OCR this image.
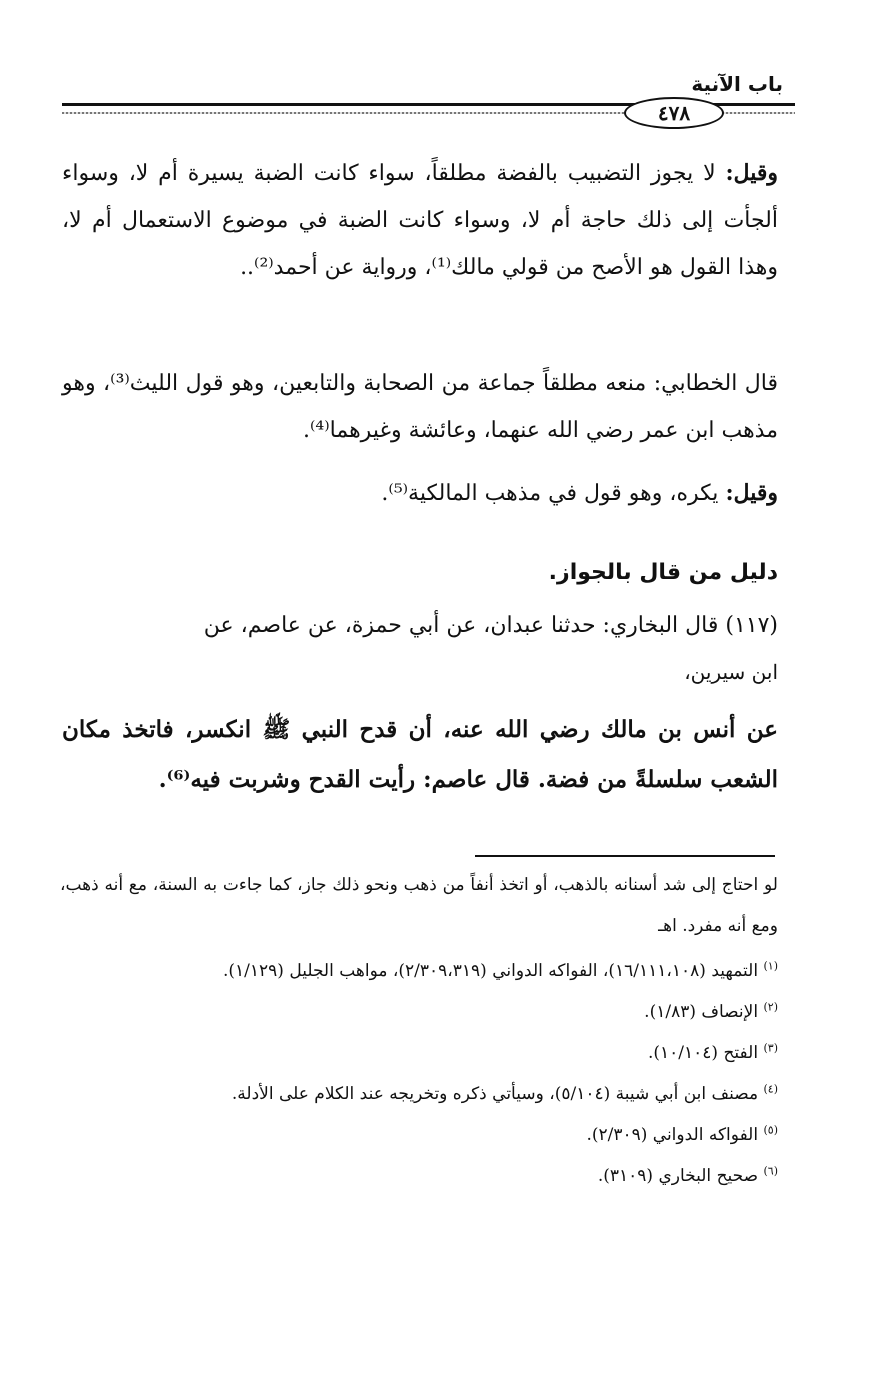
باب الآنية
٤٧٨
وقيل: لا يجوز التضبيب بالفضة مطلقاً، سواء كانت الضبة يسيرة أم لا، وسواء ألجأت إلى ذلك حاجة أم لا، وسواء كانت الضبة في موضوع الاستعمال أم لا، وهذا القول هو الأصح من قولي مالك⁽¹⁾، ورواية عن أحمد⁽²⁾..
قال الخطابي: منعه مطلقاً جماعة من الصحابة والتابعين، وهو قول الليث⁽³⁾، وهو مذهب ابن عمر رضي الله عنهما، وعائشة وغيرهما⁽⁴⁾.
وقيل: يكره، وهو قول في مذهب المالكية⁽⁵⁾.
دليل من قال بالجواز.
(١١٧) قال البخاري: حدثنا عبدان، عن أبي حمزة، عن عاصم، عن
ابن سيرين،
عن أنس بن مالك رضي الله عنه، أن قدح النبي ﷺ انكسر، فاتخذ مكان الشعب سلسلةً من فضة. قال عاصم: رأيت القدح وشربت فيه⁽⁶⁾.

لو احتاج إلى شد أسنانه بالذهب، أو اتخذ أنفاً من ذهب ونحو ذلك جاز، كما جاءت به السنة، مع أنه ذهب، ومع أنه مفرد. اهـ

$^{(١)}$ التمهيد (١٦/١١١،١٠٨)، الفواكه الدواني (٢/٣٠٩،٣١٩)، مواهب الجليل (١/١٢٩).

$^{(٢)}$ الإنصاف (١/٨٣).

$^{(٣)}$ الفتح (١٠/١٠٤).

$^{(٤)}$ مصنف ابن أبي شيبة (٥/١٠٤)، وسيأتي ذكره وتخريجه عند الكلام على الأدلة.

$^{(٥)}$ الفواكه الدواني (٢/٣٠٩).

$^{(٦)}$ صحيح البخاري (٣١٠٩).
